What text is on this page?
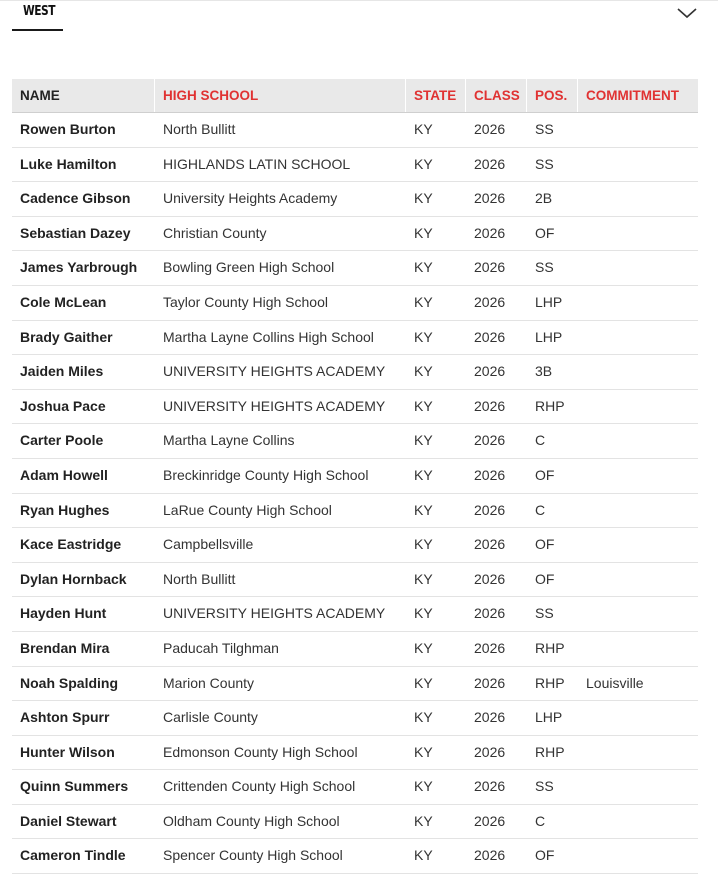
WEST
NAME	HIGH SCHOOL	STATE	CLASS	POS.	COMMITMENT
Rowen Burton	North Bullitt	KY	2026	SS
Luke Hamilton	HIGHLANDS LATIN SCHOOL	KY	2026	SS
Cadence Gibson	University Heights Academy	KY	2026	2B
Sebastian Dazey	Christian County	KY	2026	OF
James Yarbrough	Bowling Green High School	KY	2026	SS
Cole McLean	Taylor County High School	KY	2026	LHP
Brady Gaither	Martha Layne Collins High School	KY	2026	LHP
Jaiden Miles	UNIVERSITY HEIGHTS ACADEMY	KY	2026	3B
Joshua Pace	UNIVERSITY HEIGHTS ACADEMY	KY	2026	RHP
Carter Poole	Martha Layne Collins	KY	2026	C
Adam Howell	Breckinridge County High School	KY	2026	OF
Ryan Hughes	LaRue County High School	KY	2026	C
Kace Eastridge	Campbellsville	KY	2026	OF
Dylan Hornback	North Bullitt	KY	2026	OF
Hayden Hunt	UNIVERSITY HEIGHTS ACADEMY	KY	2026	SS
Brendan Mira	Paducah Tilghman	KY	2026	RHP
Noah Spalding	Marion County	KY	2026	RHP	Louisville
Ashton Spurr	Carlisle County	KY	2026	LHP
Hunter Wilson	Edmonson County High School	KY	2026	RHP
Quinn Summers	Crittenden County High School	KY	2026	SS
Daniel Stewart	Oldham County High School	KY	2026	C
Cameron Tindle	Spencer County High School	KY	2026	OF
